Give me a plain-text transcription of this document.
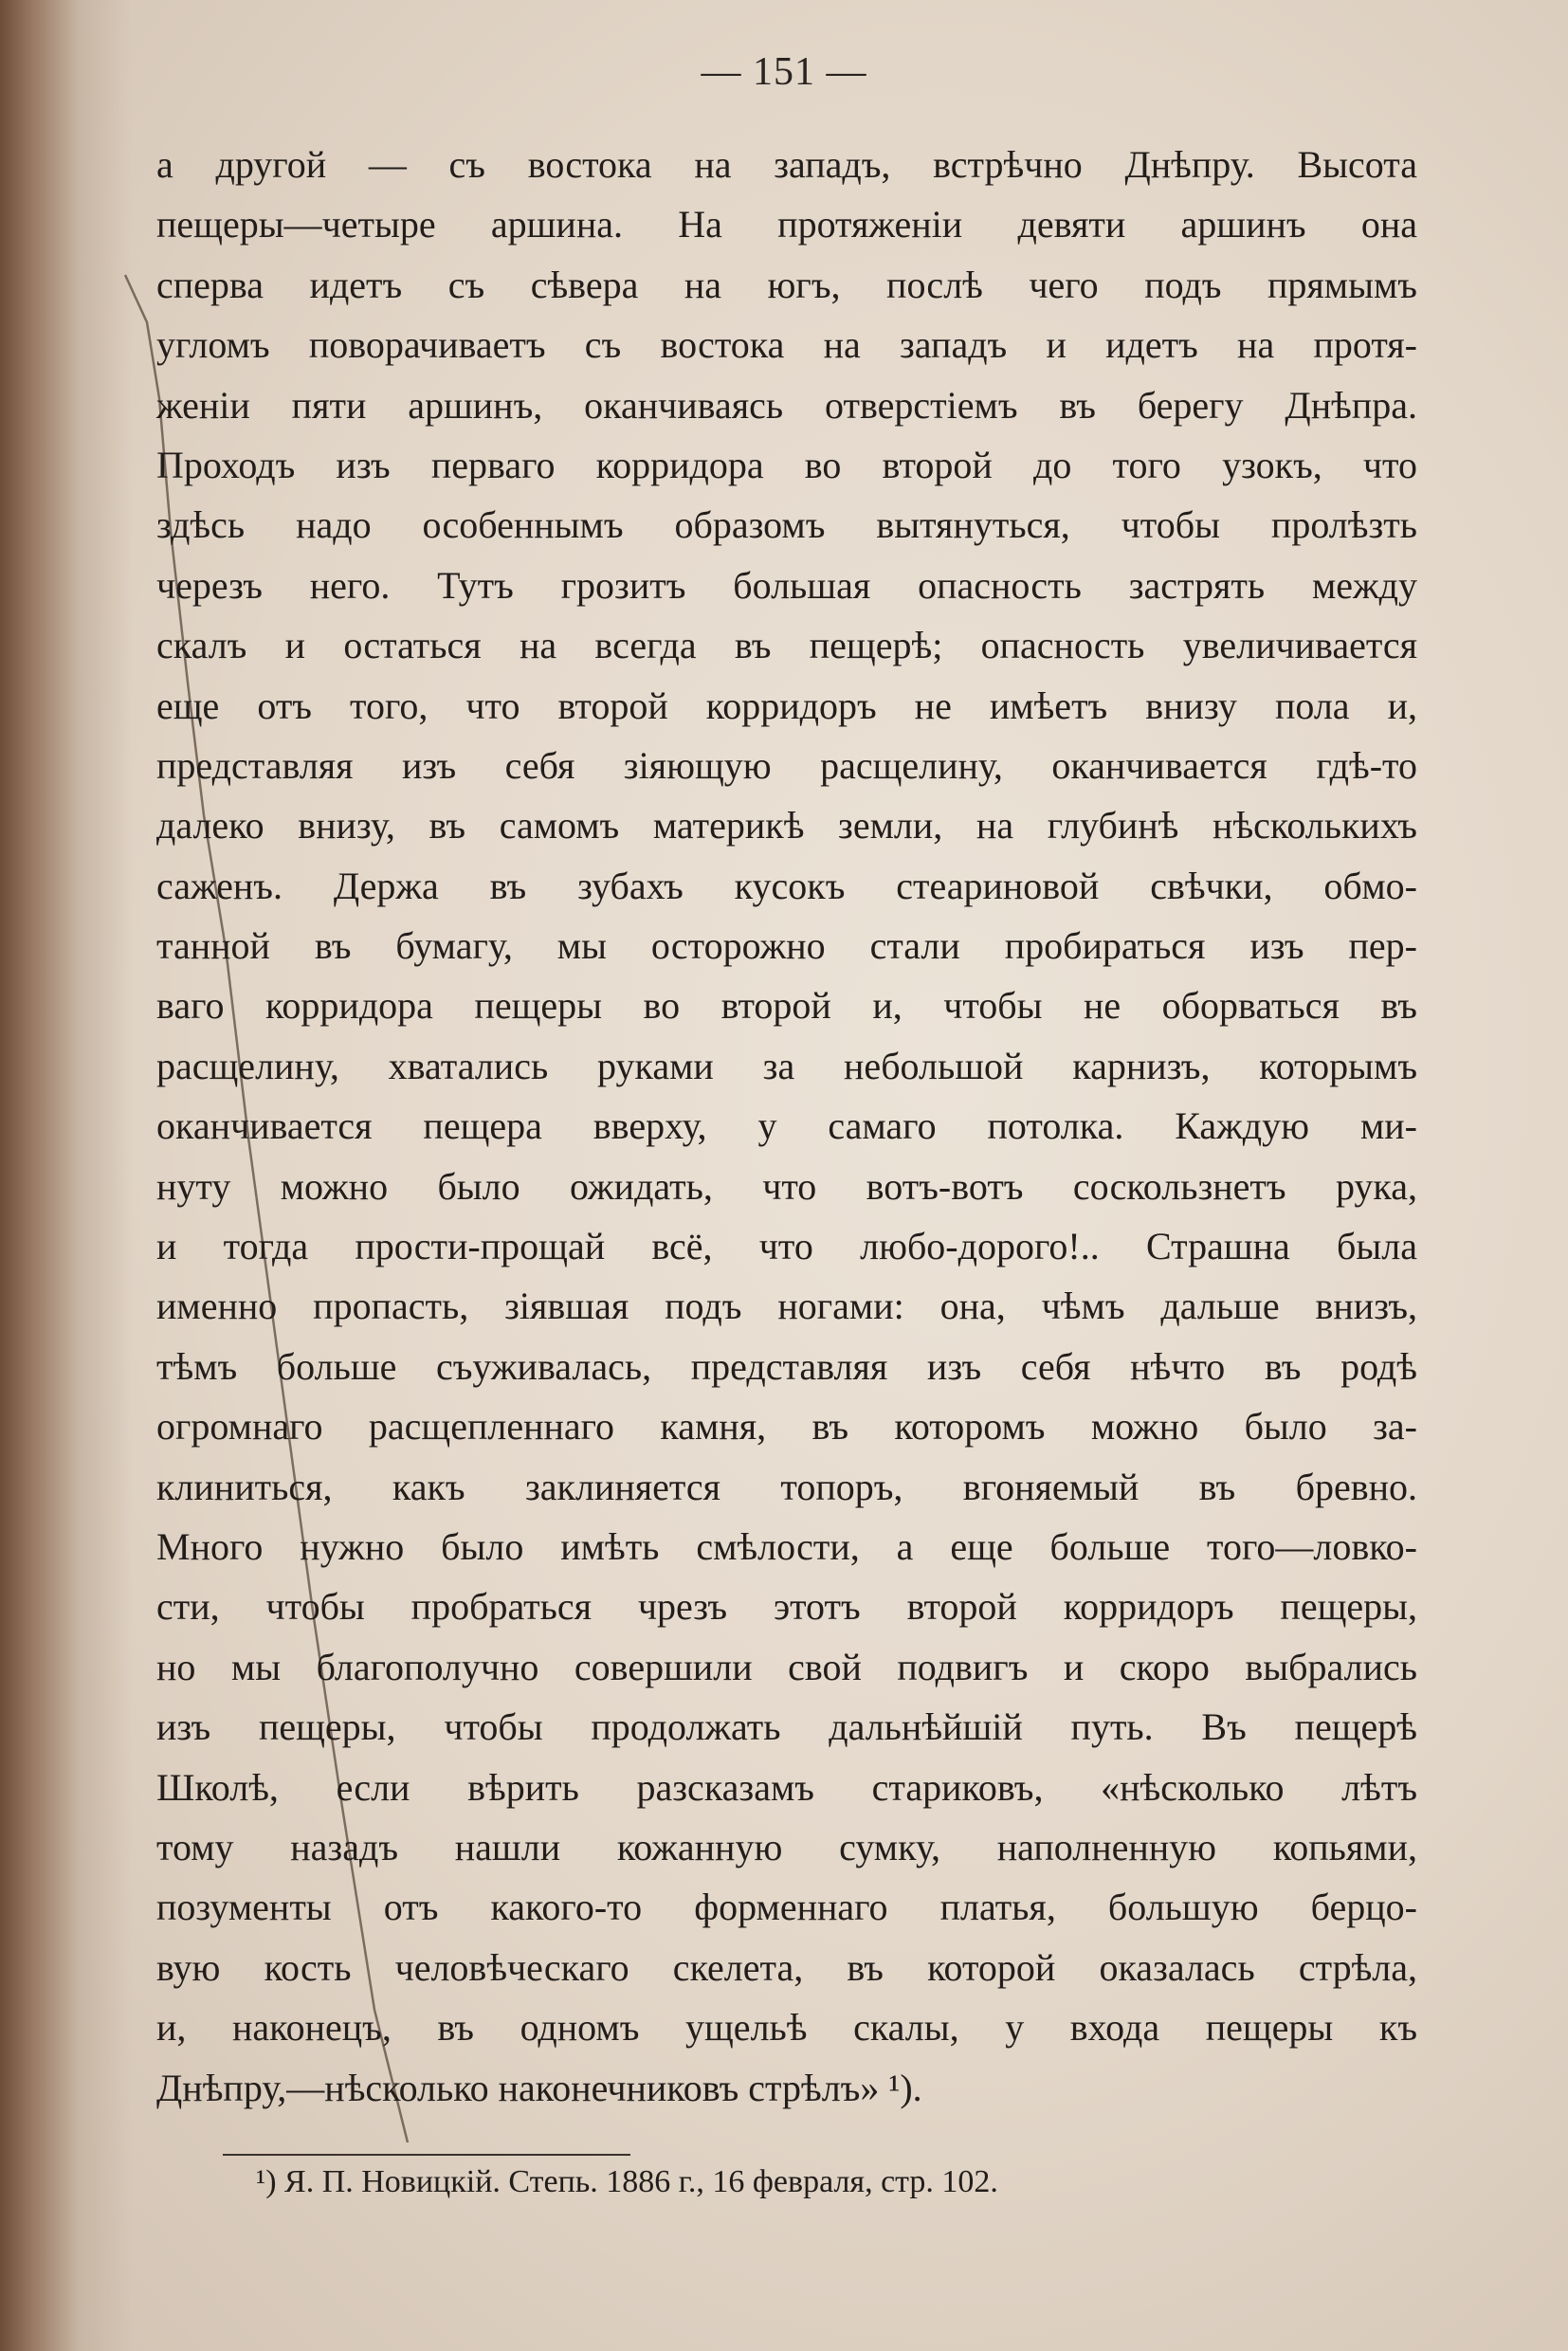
— 151 —
а другой — съ востока на западъ, встрѣчно Днѣпру. Высота
пещеры—четыре аршина. На протяженіи девяти аршинъ она
сперва идетъ съ сѣвера на югъ, послѣ чего подъ прямымъ
угломъ поворачиваетъ съ востока на западъ и идетъ на протя-
женіи пяти аршинъ, оканчиваясь отверстіемъ въ берегу Днѣпра.
Проходъ изъ перваго корридора во второй до того узокъ, что
здѣсь надо особеннымъ образомъ вытянуться, чтобы пролѣзть
черезъ него. Тутъ грозитъ большая опасность застрять между
скалъ и остаться на всегда въ пещерѣ; опасность увеличивается
еще отъ того, что второй корридоръ не имѣетъ внизу пола и,
представляя изъ себя зіяющую расщелину, оканчивается гдѣ-то
далеко внизу, въ самомъ материкѣ земли, на глубинѣ нѣсколькихъ
саженъ. Держа въ зубахъ кусокъ стеариновой свѣчки, обмо-
танной въ бумагу, мы осторожно стали пробираться изъ пер-
ваго корридора пещеры во второй и, чтобы не оборваться въ
расщелину, хватались руками за небольшой карнизъ, которымъ
оканчивается пещера вверху, у самаго потолка. Каждую ми-
нуту можно было ожидать, что вотъ-вотъ соскользнетъ рука,
и тогда прости-прощай всё, что любо-дорого!.. Страшна была
именно пропасть, зіявшая подъ ногами: она, чѣмъ дальше внизъ,
тѣмъ больше съуживалась, представляя изъ себя нѣчто въ родѣ
огромнаго расщепленнаго камня, въ которомъ можно было за-
клиниться, какъ заклиняется топоръ, вгоняемый въ бревно.
Много нужно было имѣть смѣлости, а еще больше того—ловко-
сти, чтобы пробраться чрезъ этотъ второй корридоръ пещеры,
но мы благополучно совершили свой подвигъ и скоро выбрались
изъ пещеры, чтобы продолжать дальнѣйшій путь. Въ пещерѣ
Школѣ, если вѣрить разсказамъ стариковъ, «нѣсколько лѣтъ
тому назадъ нашли кожанную сумку, наполненную копьями,
позументы отъ какого-то форменнаго платья, большую берцо-
вую кость человѣческаго скелета, въ которой оказалась стрѣла,
и, наконецъ, въ одномъ ущельѣ скалы, у входа пещеры къ
Днѣпру,—нѣсколько наконечниковъ стрѣлъ» ¹).
¹) Я. П. Новицкій. Степь. 1886 г., 16 февраля, стр. 102.
